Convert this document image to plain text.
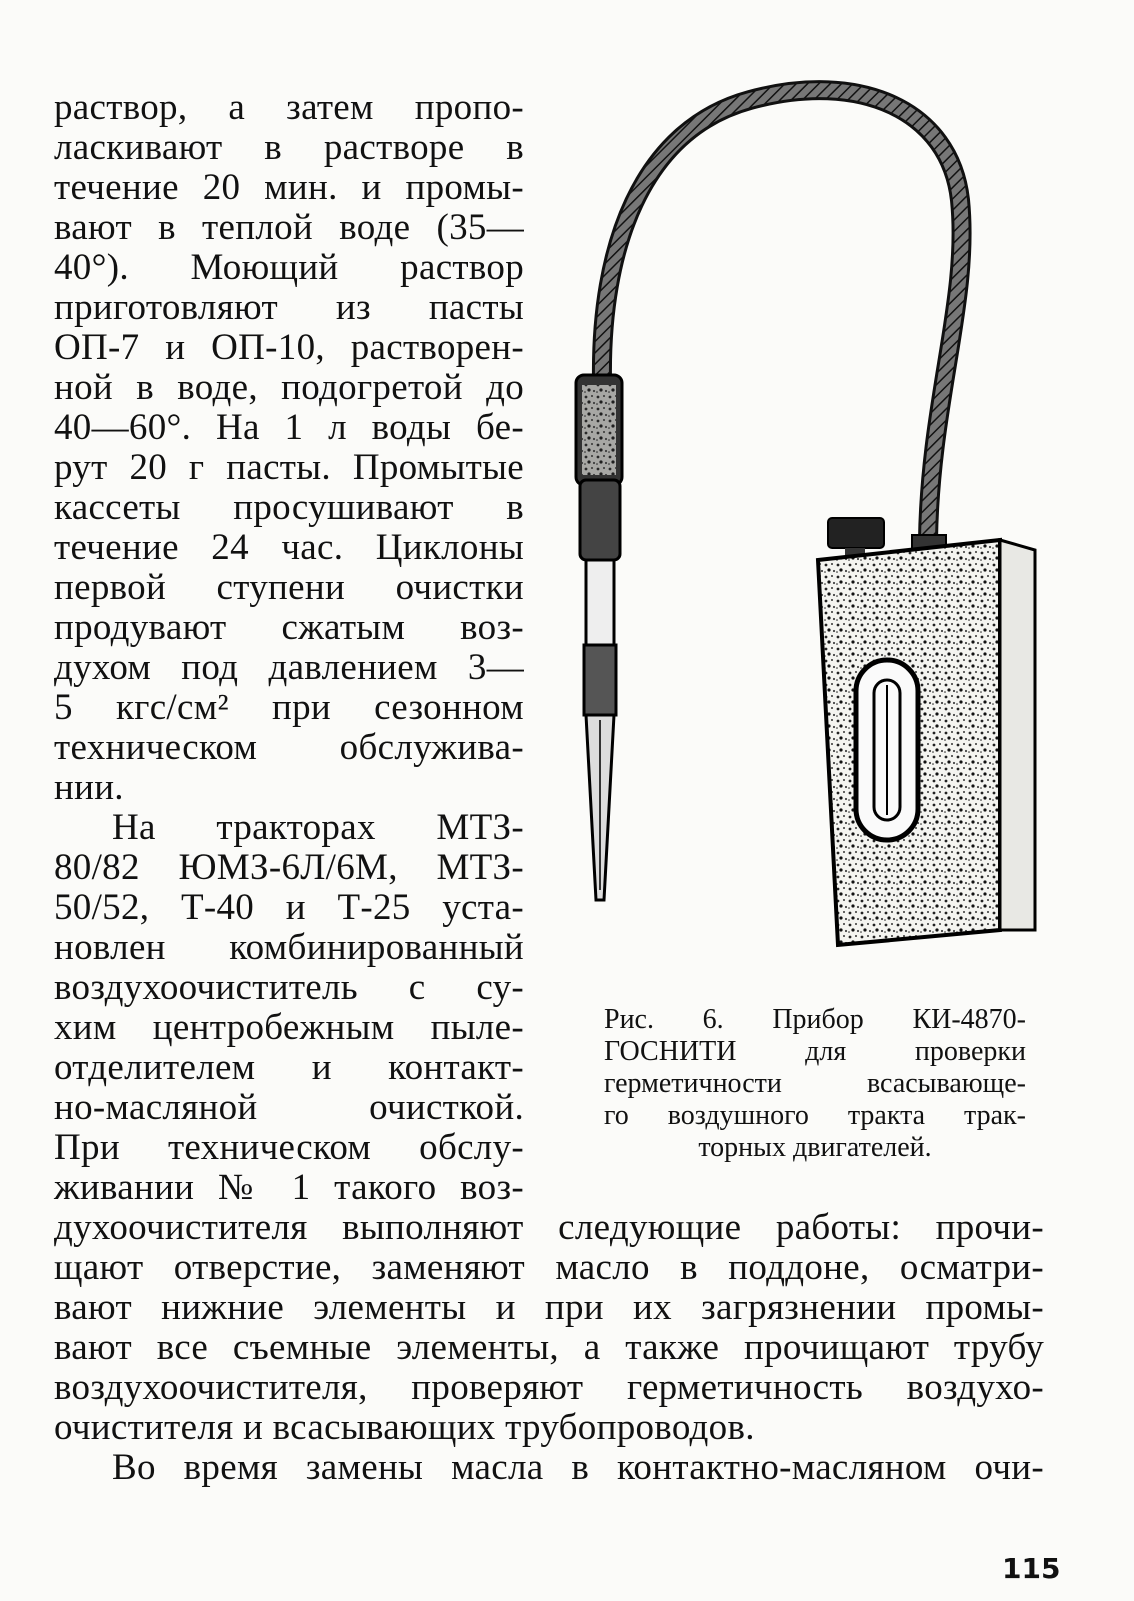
раствор, а затем пропо-
ласкивают в растворе в
течение 20 мин. и промы-
вают в теплой воде (35—
40°). Моющий раствор
приготовляют из пасты
ОП-7 и ОП-10, растворен-
ной в воде, подогретой до
40—60°. На 1 л воды бе-
рут 20 г пасты. Промытые
кассеты просушивают в
течение 24 час. Циклоны
первой ступени очистки
продувают сжатым воз-
духом под давлением 3—
5 кгс/см² при сезонном
техническом обслужива-
нии.
На тракторах МТЗ-
80/82 ЮМЗ-6Л/6М, МТЗ-
50/52, Т-40 и Т-25 уста-
новлен комбинированный
воздухоочиститель с су-
хим центробежным пыле-
отделителем и контакт-
но-масляной очисткой.
При техническом обслу-
живании № 1 такого воз-
духоочистителя выполняют следующие работы: прочи-
щают отверстие, заменяют масло в поддоне, осматри-
вают нижние элементы и при их загрязнении промы-
вают все съемные элементы, а также прочищают трубу
воздухоочистителя, проверяют герметичность воздухо-
очистителя и всасывающих трубопроводов.
Во время замены масла в контактно-масляном очи-
Рис. 6. Прибор КИ-4870-
ГОСНИТИ для проверки
герметичности всасывающе-
го воздушного тракта трак-
торных двигателей.
115
